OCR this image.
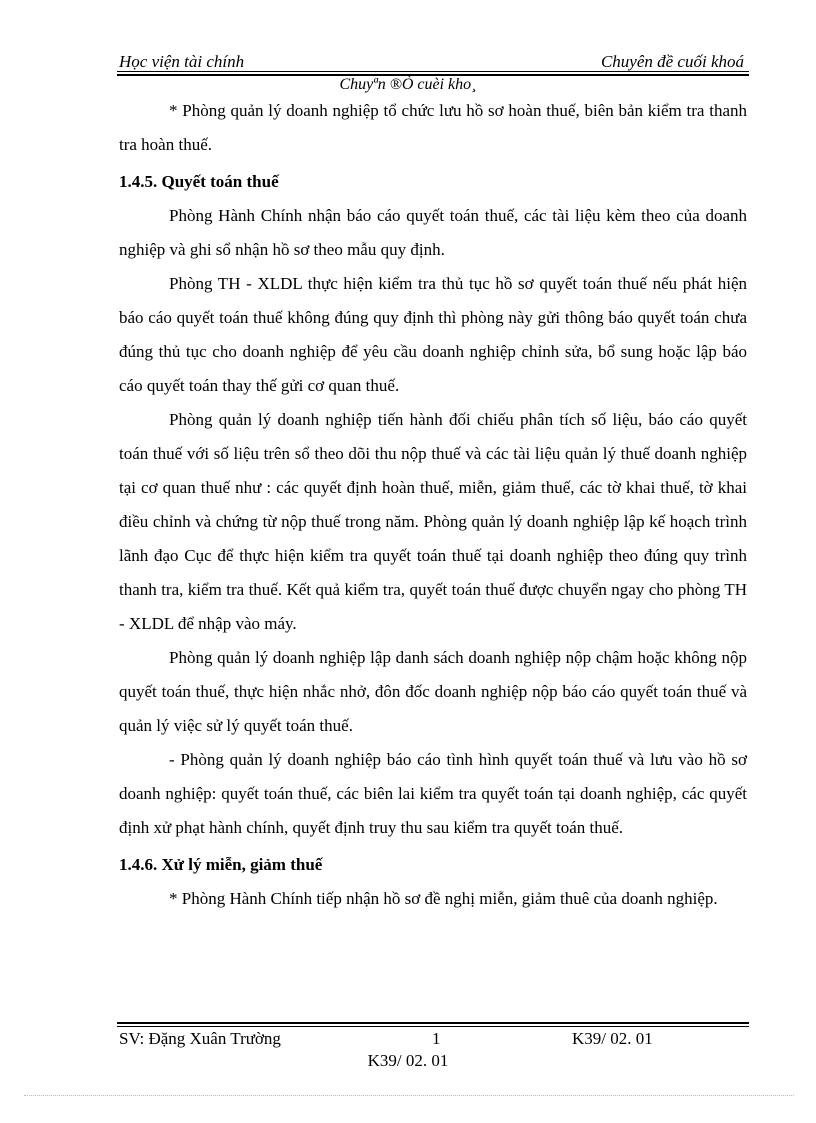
Học viện tài chính	Chuyên đề cuối khoá
Chuyªn ®Ò cuèi kho¸

* Phòng quản lý doanh nghiệp tổ chức lưu hồ sơ hoàn thuế, biên bản kiểm tra thanh tra hoàn thuế.

1.4.5. Quyết toán thuế

Phòng Hành Chính nhận báo cáo quyết toán thuế, các tài liệu kèm theo của doanh nghiệp và ghi sổ nhận hồ sơ theo mẫu quy định.

Phòng TH - XLDL thực hiện kiểm tra thủ tục hồ sơ quyết toán thuế nếu phát hiện báo cáo quyết toán thuế không đúng quy định thì phòng này gửi thông báo quyết toán chưa đúng thủ tục cho doanh nghiệp để yêu cầu doanh nghiệp chỉnh sửa, bổ sung hoặc lập báo cáo quyết toán thay thế gửi cơ quan thuế.

Phòng quản lý doanh nghiệp tiến hành đối chiếu phân tích số liệu, báo cáo quyết toán thuế với số liệu trên sổ theo dõi thu nộp thuế và các tài liệu quản lý thuế doanh nghiệp tại cơ quan thuế như : các quyết định hoàn thuế, miễn, giảm thuế, các tờ khai thuế, tờ khai điều chỉnh và chứng từ nộp thuế trong năm. Phòng quản lý doanh nghiệp lập kế hoạch trình lãnh đạo Cục để thực hiện kiểm tra quyết toán thuế tại doanh nghiệp theo đúng quy trình thanh tra, kiểm tra thuế. Kết quả kiểm tra, quyết toán thuế được chuyển ngay cho phòng TH - XLDL để nhập vào máy.

Phòng quản lý doanh nghiệp lập danh sách doanh nghiệp nộp chậm hoặc không nộp quyết toán thuế, thực hiện nhắc nhở, đôn đốc doanh nghiệp nộp báo cáo quyết toán thuế và quản lý việc sử lý quyết toán thuế.

- Phòng quản lý doanh nghiệp báo cáo tình hình quyết toán thuế và lưu vào hồ sơ doanh nghiệp: quyết toán thuế, các biên lai kiểm tra quyết toán tại doanh nghiệp, các quyết định xử phạt hành chính, quyết định truy thu sau kiểm tra quyết toán thuế.

1.4.6. Xử lý miễn, giảm thuế

* Phòng Hành Chính tiếp nhận hồ sơ đề nghị miễn, giảm thuê của doanh nghiệp.

SV: Đặng Xuân Trường	1	K39/ 02. 01
K39/ 02. 01
